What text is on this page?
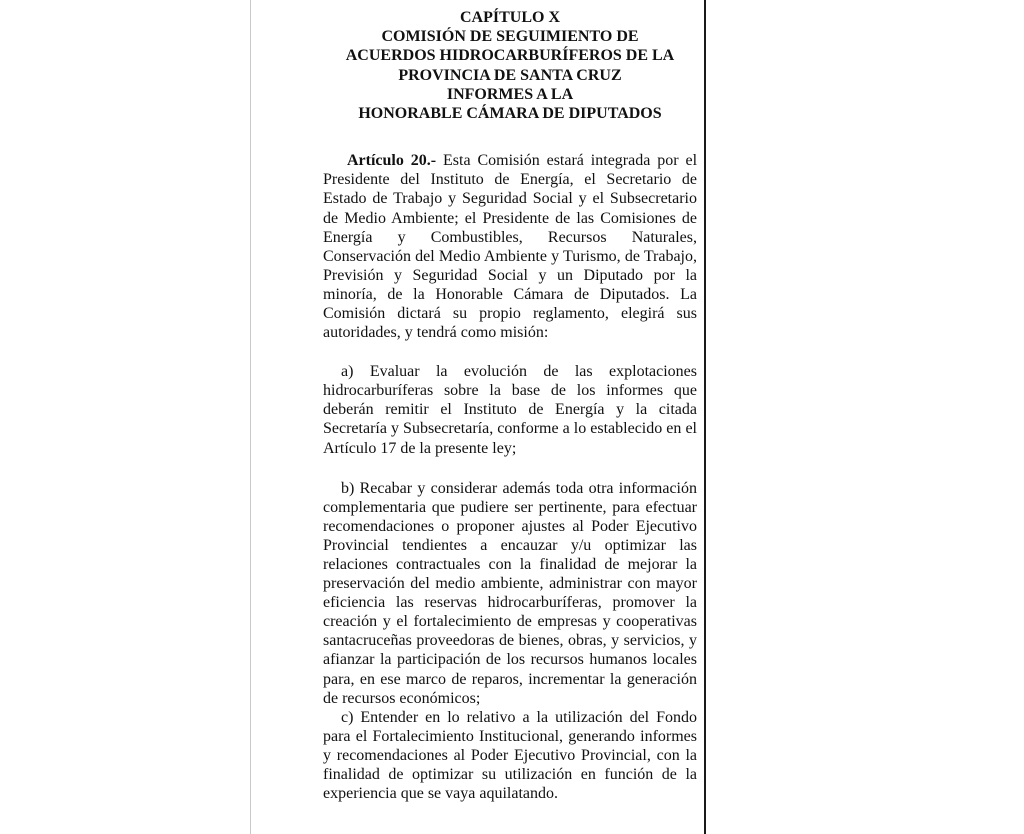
CAPÍTULO X
COMISIÓN DE SEGUIMIENTO DE
ACUERDOS HIDROCARBURÍFEROS DE LA
PROVINCIA DE SANTA CRUZ
INFORMES A LA
HONORABLE CÁMARA DE DIPUTADOS

Artículo 20.- Esta Comisión estará integrada por el Presidente del Instituto de Energía, el Secretario de Estado de Trabajo y Seguridad Social y el Subsecretario de Medio Ambiente; el Presidente de las Comisiones de Energía y Combustibles, Recursos Naturales, Conservación del Medio Ambiente y Turismo, de Trabajo, Previsión y Seguridad Social y un Diputado por la minoría, de la Honorable Cámara de Diputados. La Comisión dictará su propio reglamento, elegirá sus autoridades, y tendrá como misión:

a) Evaluar la evolución de las explotaciones hidrocarburíferas sobre la base de los informes que deberán remitir el Instituto de Energía y la citada Secretaría y Subsecretaría, conforme a lo establecido en el Artículo 17 de la presente ley;

b) Recabar y considerar además toda otra información complementaria que pudiere ser pertinente, para efectuar recomendaciones o proponer ajustes al Poder Ejecutivo Provincial tendientes a encauzar y/u optimizar las relaciones contractuales con la finalidad de mejorar la preservación del medio ambiente, administrar con mayor eficiencia las reservas hidrocarburíferas, promover la creación y el fortalecimiento de empresas y cooperativas santacruceñas proveedoras de bienes, obras, y servicios, y afianzar la participación de los recursos humanos locales para, en ese marco de reparos, incrementar la generación de recursos económicos;

c) Entender en lo relativo a la utilización del Fondo para el Fortalecimiento Institucional, generando informes y recomendaciones al Poder Ejecutivo Provincial, con la finalidad de optimizar su utilización en función de la experiencia que se vaya aquilatando.
